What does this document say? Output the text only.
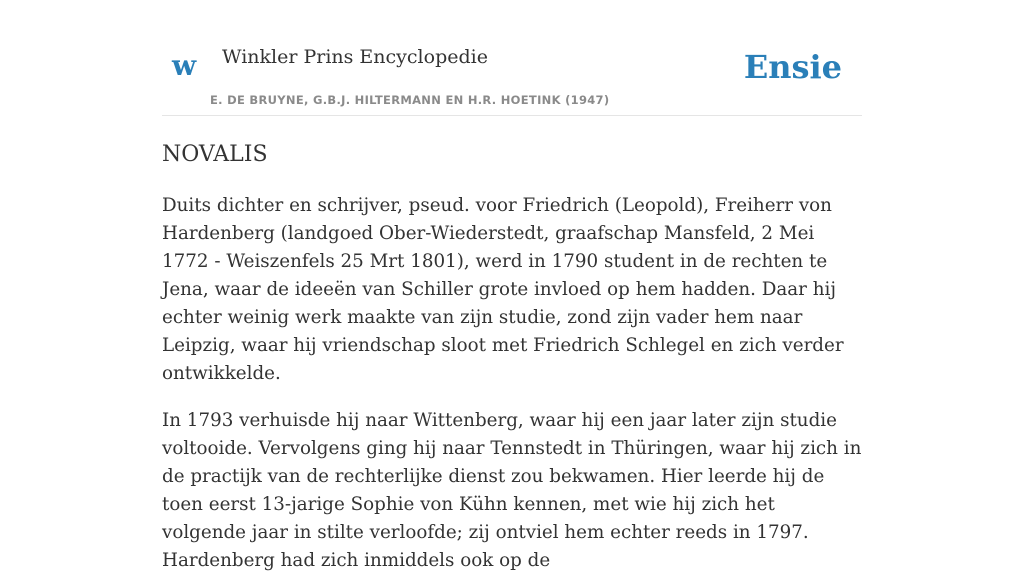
w Winkler Prins Encyclopedie
E. DE BRUYNE, G.B.J. HILTERMANN EN H.R. HOETINK (1947)
Ensie
NOVALIS

Duits dichter en schrijver, pseud. voor Friedrich (Leopold), Freiherr von Hardenberg (landgoed Ober-Wiederstedt, graafschap Mansfeld, 2 Mei 1772 - Weiszenfels 25 Mrt 1801), werd in 1790 student in de rechten te Jena, waar de ideeën van Schiller grote invloed op hem hadden. Daar hij echter weinig werk maakte van zijn studie, zond zijn vader hem naar Leipzig, waar hij vriendschap sloot met Friedrich Schlegel en zich verder ontwikkelde.

In 1793 verhuisde hij naar Wittenberg, waar hij een jaar later zijn studie voltooide. Vervolgens ging hij naar Tennstedt in Thüringen, waar hij zich in de practijk van de rechterlijke dienst zou bekwamen. Hier leerde hij de toen eerst 13-jarige Sophie von Kühn kennen, met wie hij zich het volgende jaar in stilte verloofde; zij ontviel hem echter reeds in 1797. Hardenberg had zich inmiddels ook op de
